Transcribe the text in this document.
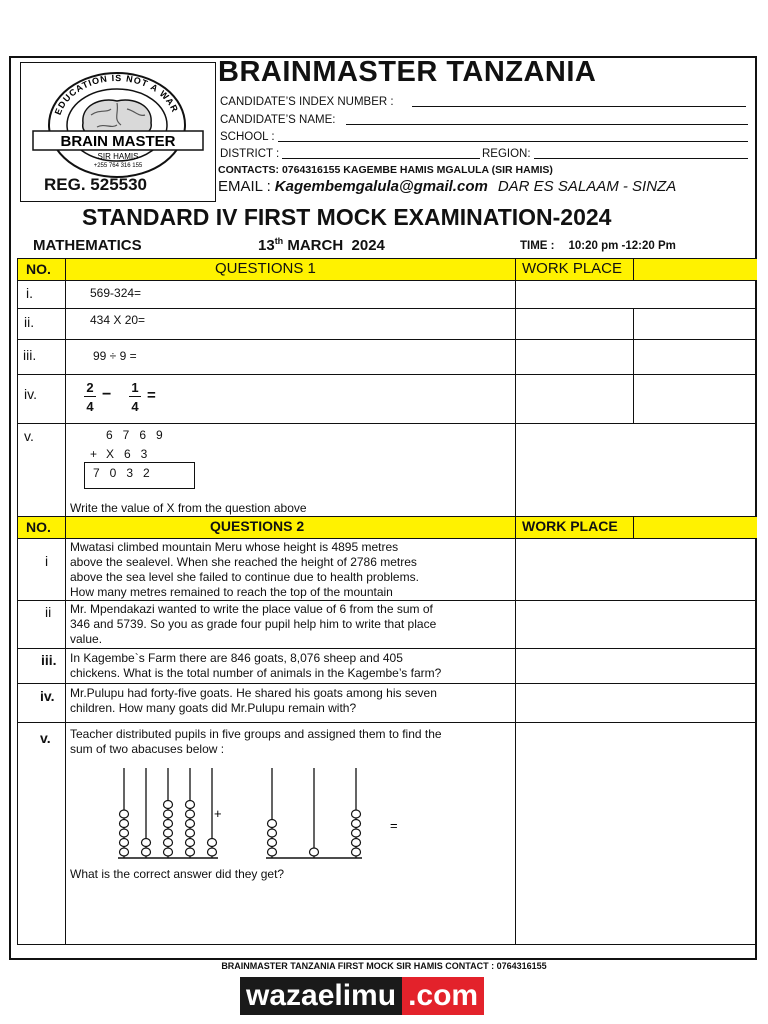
EDUCATION IS NOT A WAR
BRAIN MASTER
SIR HAMIS
+255 764 316 155
REG. 525530
BRAINMASTER TANZANIA
CANDIDATE’S INDEX NUMBER :
CANDIDATE’S NAME:
SCHOOL :
DISTRICT :	REGION:
CONTACTS: 0764316155 KAGEMBE HAMIS MGALULA (SIR HAMIS)
EMAIL : Kagembemgalula@gmail.com DAR ES SALAAM - SINZA
STANDARD IV FIRST MOCK EXAMINATION-2024
MATHEMATICS	13th MARCH  2024	TIME : 10:20 pm -12:20 Pm
NO.	QUESTIONS 1	WORK PLACE
NO.	QUESTIONS 2	WORK PLACE
i.	569-324=
ii.	434 X 20=
iii.	99 ÷ 9 =
iv.	2
4
− 1
4
=
v.	6769
+ X63
7032
Write the value of X from the question above
i
Mwatasi climbed mountain Meru whose height is 4895 metres
above the sealevel. When she reached the height of 2786 metres
above the sea level she failed to continue due to health problems.
How many metres remained to reach the top of the mountain
ii Mr. Mpendakazi wanted to write the place value of 6 from the sum of
346 and 5739. So you as grade four pupil help him to write that place
value.
iii. In Kagembe`s Farm there are 846 goats, 8,076 sheep and 405
chickens. What is the total number of animals in the Kagembe’s farm?
iv. Mr.Pulupu had forty-five goats. He shared his goats among his seven
children. How many goats did Mr.Pulupu remain with?
v. Teacher distributed pupils in five groups and assigned them to find the
sum of two abacuses below :
+
=
What is the correct answer did they get?
BRAINMASTER TANZANIA FIRST MOCK SIR HAMIS CONTACT : 0764316155
wazaelimu .com
